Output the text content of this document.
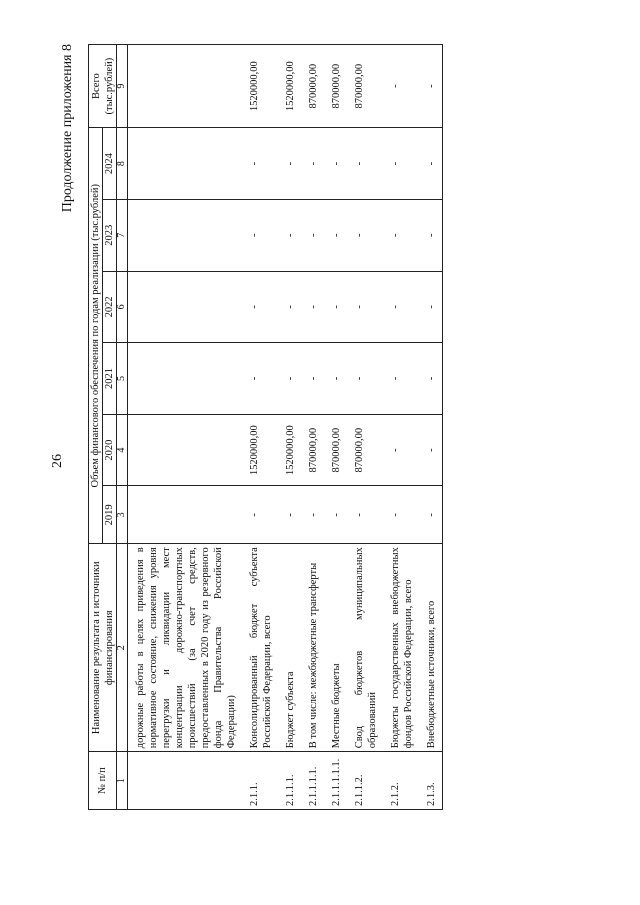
26
Продолжение приложения 8
№ п/п	Наименование результата и источники финансирования	Объем финансового обеспечения по годам реализации (тыс.рублей)						Всего (тыс.рублей)
		2019	2020	2021	2022	2023	2024	
1	2	3	4	5	6	7	8	9
	дорожные работы в целях приведения в нормативное состояние, снижения уровня перегрузки и ликвидации мест концентрации дорожно-транспортных происшествий (за счет средств, предоставленных в 2020 году из резервного фонда Правительства Российской Федерации)							
2.1.1.	Консолидированный бюджет субъекта Российской Федерации, всего	-	1520000,00	-	-	-	-	1520000,00
2.1.1.1.	Бюджет субъекта	-	1520000,00	-	-	-	-	1520000,00
2.1.1.1.1.	В том числе: межбюджетные трансферты	-	870000,00	-	-	-	-	870000,00
2.1.1.1.1.1.	Местные бюджеты	-	870000,00	-	-	-	-	870000,00
2.1.1.2.	Свод бюджетов муниципальных образований	-	870000,00	-	-	-	-	870000,00
2.1.2.	Бюджеты государственных внебюджетных фондов Российской Федерации, всего	-	-	-	-	-	-	-
2.1.3.	Внебюджетные источники, всего	-	-	-	-	-	-	-
